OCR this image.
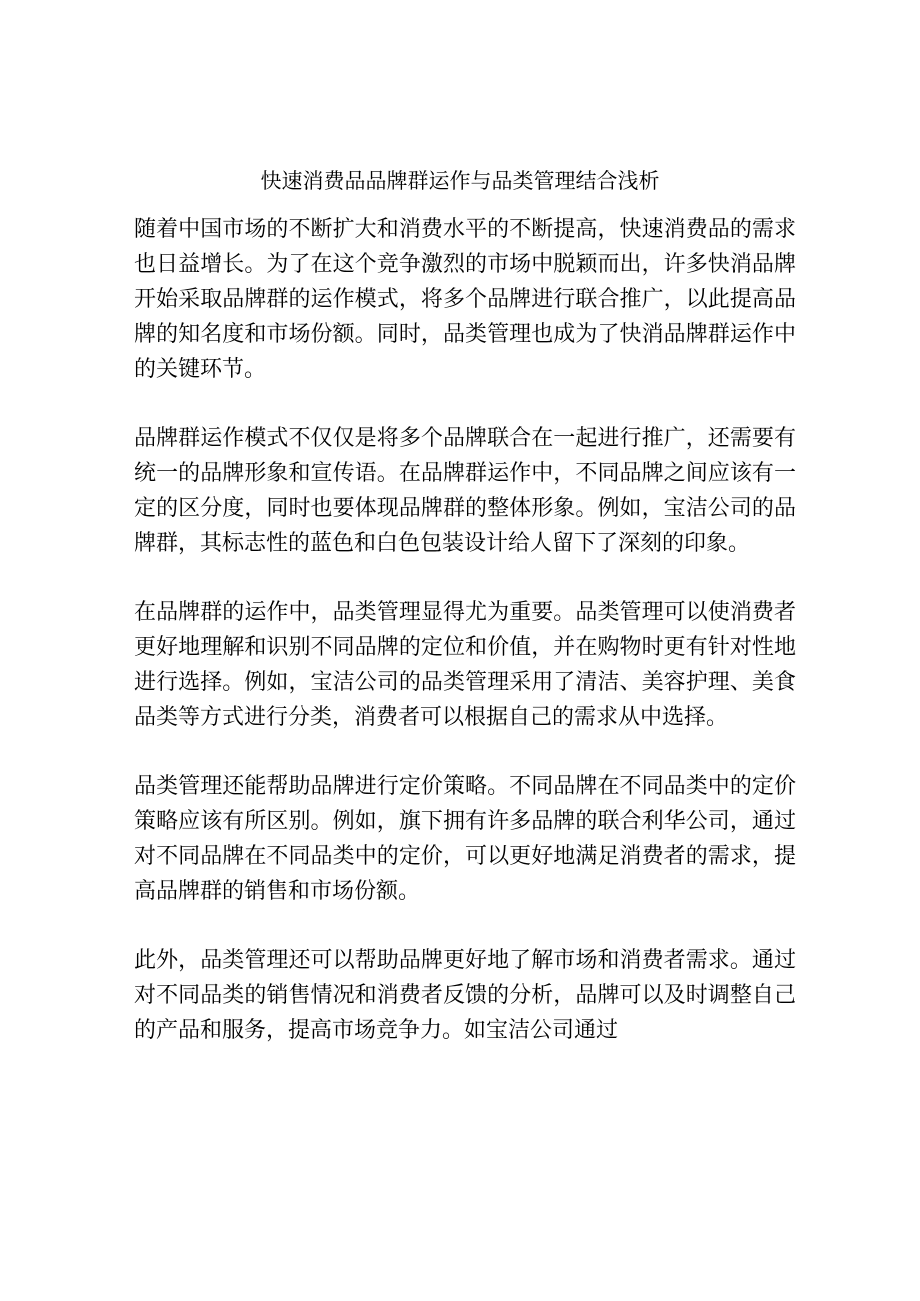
快速消费品品牌群运作与品类管理结合浅析

随着中国市场的不断扩大和消费水平的不断提高，快速消费品的需求也日益增长。为了在这个竞争激烈的市场中脱颖而出，许多快消品牌开始采取品牌群的运作模式，将多个品牌进行联合推广，以此提高品牌的知名度和市场份额。同时，品类管理也成为了快消品牌群运作中的关键环节。

品牌群运作模式不仅仅是将多个品牌联合在一起进行推广，还需要有统一的品牌形象和宣传语。在品牌群运作中，不同品牌之间应该有一定的区分度，同时也要体现品牌群的整体形象。例如，宝洁公司的品牌群，其标志性的蓝色和白色包装设计给人留下了深刻的印象。

在品牌群的运作中，品类管理显得尤为重要。品类管理可以使消费者更好地理解和识别不同品牌的定位和价值，并在购物时更有针对性地进行选择。例如，宝洁公司的品类管理采用了清洁、美容护理、美食品类等方式进行分类，消费者可以根据自己的需求从中选择。

品类管理还能帮助品牌进行定价策略。不同品牌在不同品类中的定价策略应该有所区别。例如，旗下拥有许多品牌的联合利华公司，通过对不同品牌在不同品类中的定价，可以更好地满足消费者的需求，提高品牌群的销售和市场份额。

此外，品类管理还可以帮助品牌更好地了解市场和消费者需求。通过对不同品类的销售情况和消费者反馈的分析，品牌可以及时调整自己的产品和服务，提高市场竞争力。如宝洁公司通过
